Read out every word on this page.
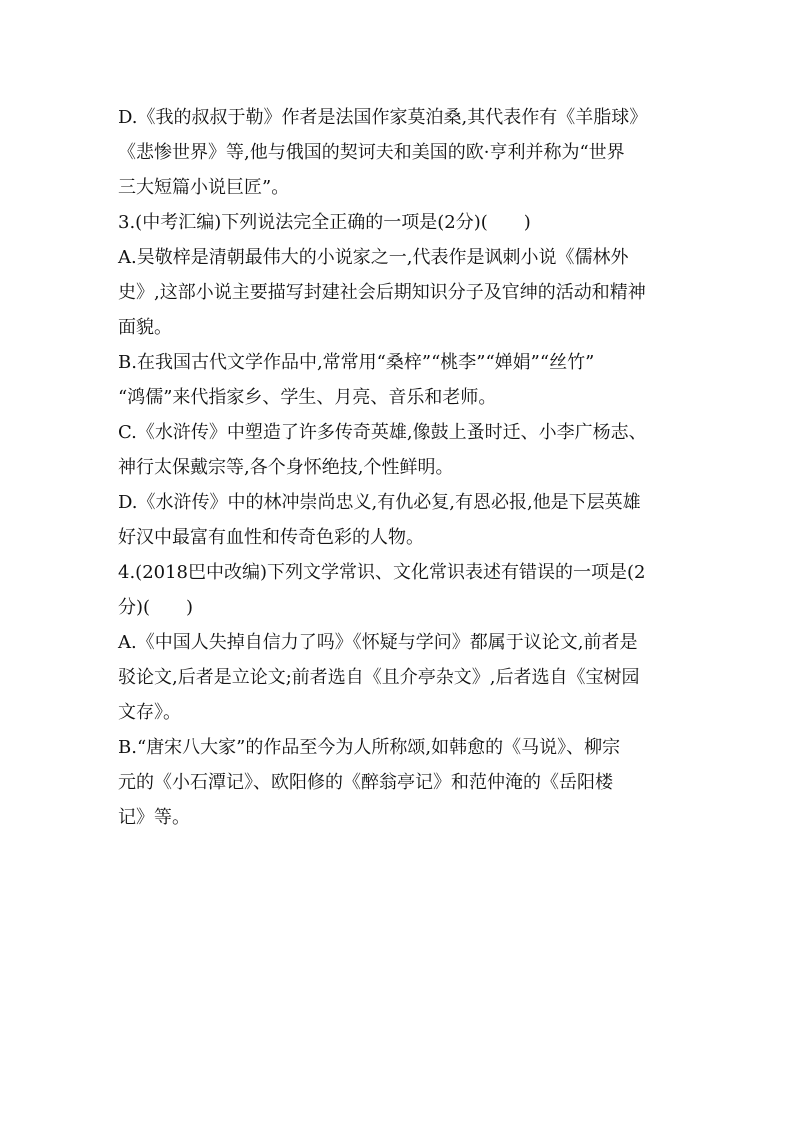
D.《我的叔叔于勒》作者是法国作家莫泊桑,其代表作有《羊脂球》
《悲惨世界》等,他与俄国的契诃夫和美国的欧·亨利并称为“世界
三大短篇小说巨匠”。
3.(中考汇编)下列说法完全正确的一项是(2分)(　　)
A.吴敬梓是清朝最伟大的小说家之一,代表作是讽刺小说《儒林外
史》,这部小说主要描写封建社会后期知识分子及官绅的活动和精神
面貌。
B.在我国古代文学作品中,常常用“桑梓”“桃李”“婵娟”“丝竹”
“鸿儒”来代指家乡、学生、月亮、音乐和老师。
C.《水浒传》中塑造了许多传奇英雄,像鼓上蚤时迁、小李广杨志、
神行太保戴宗等,各个身怀绝技,个性鲜明。
D.《水浒传》中的林冲崇尚忠义,有仇必复,有恩必报,他是下层英雄
好汉中最富有血性和传奇色彩的人物。
4.(2018巴中改编)下列文学常识、文化常识表述有错误的一项是(2
分)(　　)
A.《中国人失掉自信力了吗》《怀疑与学问》都属于议论文,前者是
驳论文,后者是立论文;前者选自《且介亭杂文》,后者选自《宝树园
文存》。
B.“唐宋八大家”的作品至今为人所称颂,如韩愈的《马说》、柳宗
元的《小石潭记》、欧阳修的《醉翁亭记》和范仲淹的《岳阳楼
记》等。
